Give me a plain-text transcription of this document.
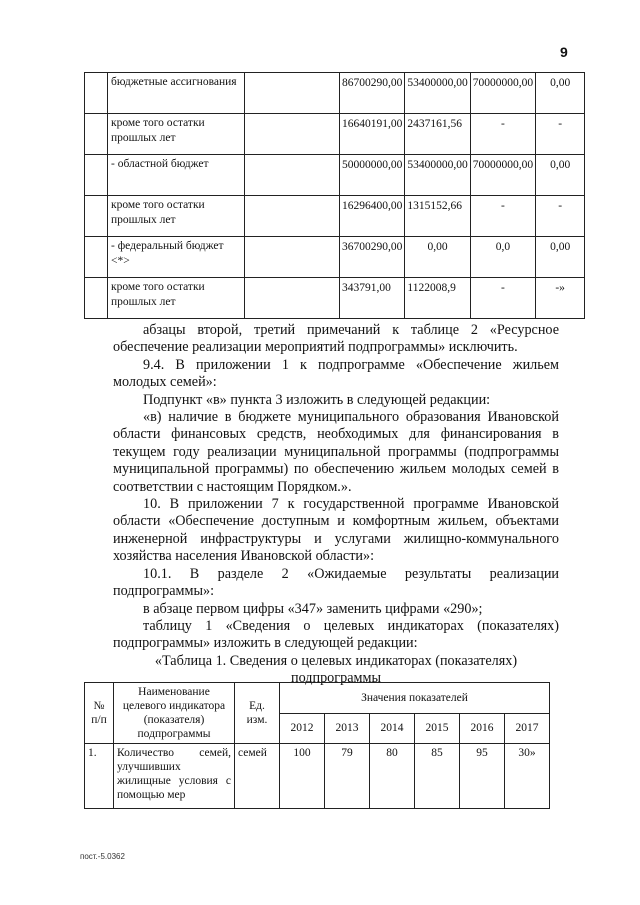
9
	бюджетные ассигнования		86700290,00	53400000,00	70000000,00	0,00
	кроме того остатки прошлых лет		16640191,00	2437161,56	-	-
	- областной бюджет		50000000,00	53400000,00	70000000,00	0,00
	кроме того остатки прошлых лет		16296400,00	1315152,66	-	-
	- федеральный бюджет <*>		36700290,00	0,00	0,0	0,00
	кроме того остатки прошлых лет		343791,00	1122008,9	-	-»

абзацы второй, третий примечаний к таблице 2 «Ресурсное обеспечение реализации мероприятий подпрограммы» исключить.

9.4. В приложении 1 к подпрограмме «Обеспечение жильем молодых семей»:

Подпункт «в» пункта 3 изложить в следующей редакции:

«в) наличие в бюджете муниципального образования Ивановской области финансовых средств, необходимых для финансирования в текущем году реализации муниципальной программы (подпрограммы муниципальной программы) по обеспечению жильем молодых семей в соответствии с настоящим Порядком.».

10. В приложении 7 к государственной программе Ивановской области «Обеспечение доступным и комфортным жильем, объектами инженерной инфраструктуры и услугами жилищно-коммунального хозяйства населения Ивановской области»:

10.1. В разделе 2 «Ожидаемые результаты реализации подпрограммы»:

в абзаце первом цифры «347» заменить цифрами «290»;

таблицу 1 «Сведения о целевых индикаторах (показателях) подпрограммы» изложить в следующей редакции:

«Таблица 1. Сведения о целевых индикаторах (показателях) подпрограммы

№ п/п	Наименование целевого индикатора (показателя) подпрограммы	Ед. изм.	Значения показателей					
			2012	2013	2014	2015	2016	2017
1.	Количество семей, улучшивших жилищные условия с помощью мер	семей	100	79	80	85	95	30»
пост.-5.0362
